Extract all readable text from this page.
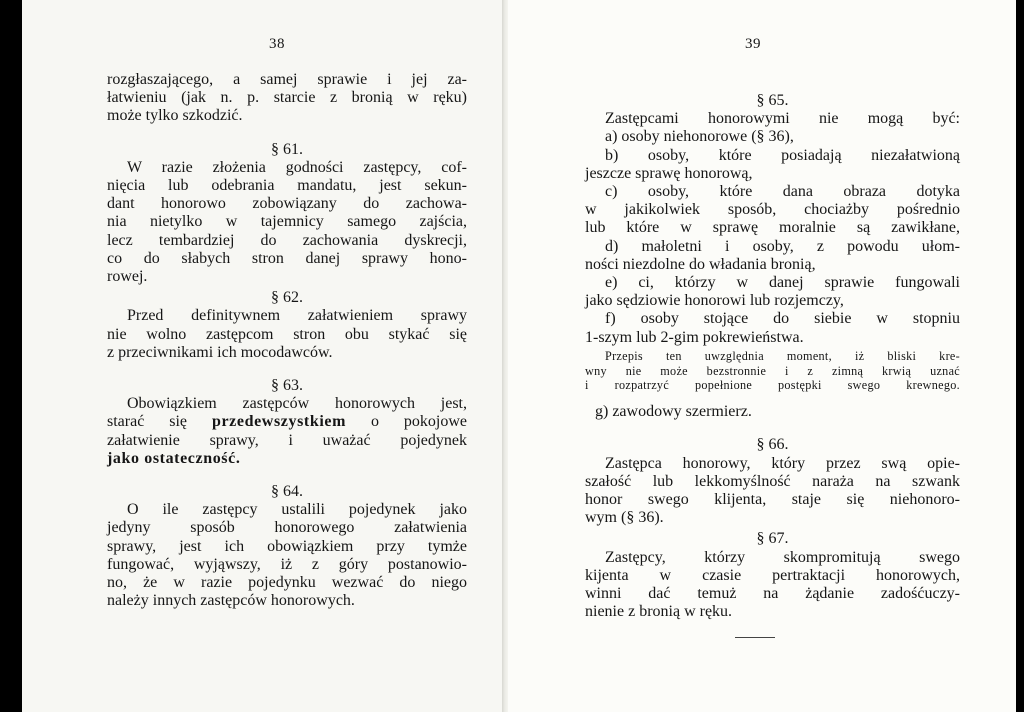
38
rozgłaszającego, a samej sprawie i jej za-
łatwieniu (jak n. p. starcie z bronią w ręku)
może tylko szkodzić.
§ 61.
W razie złożenia godności zastępcy, cof-
nięcia lub odebrania mandatu, jest sekun-
dant honorowo zobowiązany do zachowa-
nia nietylko w tajemnicy samego zajścia,
lecz tembardziej do zachowania dyskrecji,
co do słabych stron danej sprawy hono-
rowej.
§ 62.
Przed definitywnem załatwieniem sprawy
nie wolno zastępcom stron obu stykać się
z przeciwnikami ich mocodawców.
§ 63.
Obowiązkiem zastępców honorowych jest,
starać się przedewszystkiem o pokojowe
załatwienie sprawy, i uważać pojedynek
jako ostateczność.
§ 64.
O ile zastępcy ustalili pojedynek jako
jedyny sposób honorowego załatwienia
sprawy, jest ich obowiązkiem przy tymże
fungować, wyjąwszy, iż z góry postanowio-
no, że w razie pojedynku wezwać do niego
należy innych zastępców honorowych.
39
§ 65.
Zastępcami honorowymi nie mogą być:
a) osoby niehonorowe (§ 36),
b) osoby, które posiadają niezałatwioną
jeszcze sprawę honorową,
c) osoby, które dana obraza dotyka
w jakikolwiek sposób, chociażby pośrednio
lub które w sprawę moralnie są zawikłane,
d) małoletni i osoby, z powodu ułom-
ności niezdolne do władania bronią,
e) ci, którzy w danej sprawie fungowali
jako sędziowie honorowi lub rozjemczy,
f) osoby stojące do siebie w stopniu
1-szym lub 2-gim pokrewieństwa.
Przepis ten uwzględnia moment, iż bliski kre-
wny nie może bezstronnie i z zimną krwią uznać
i rozpatrzyć popełnione postępki swego krewnego.
g) zawodowy szermierz.
§ 66.
Zastępca honorowy, który przez swą opie-
szałość lub lekkomyślność naraża na szwank
honor swego klijenta, staje się niehonoro-
wym (§ 36).
§ 67.
Zastępcy, którzy skompromitują swego
kijenta w czasie pertraktacji honorowych,
winni dać temuż na żądanie zadośćuczy-
nienie z bronią w ręku.
